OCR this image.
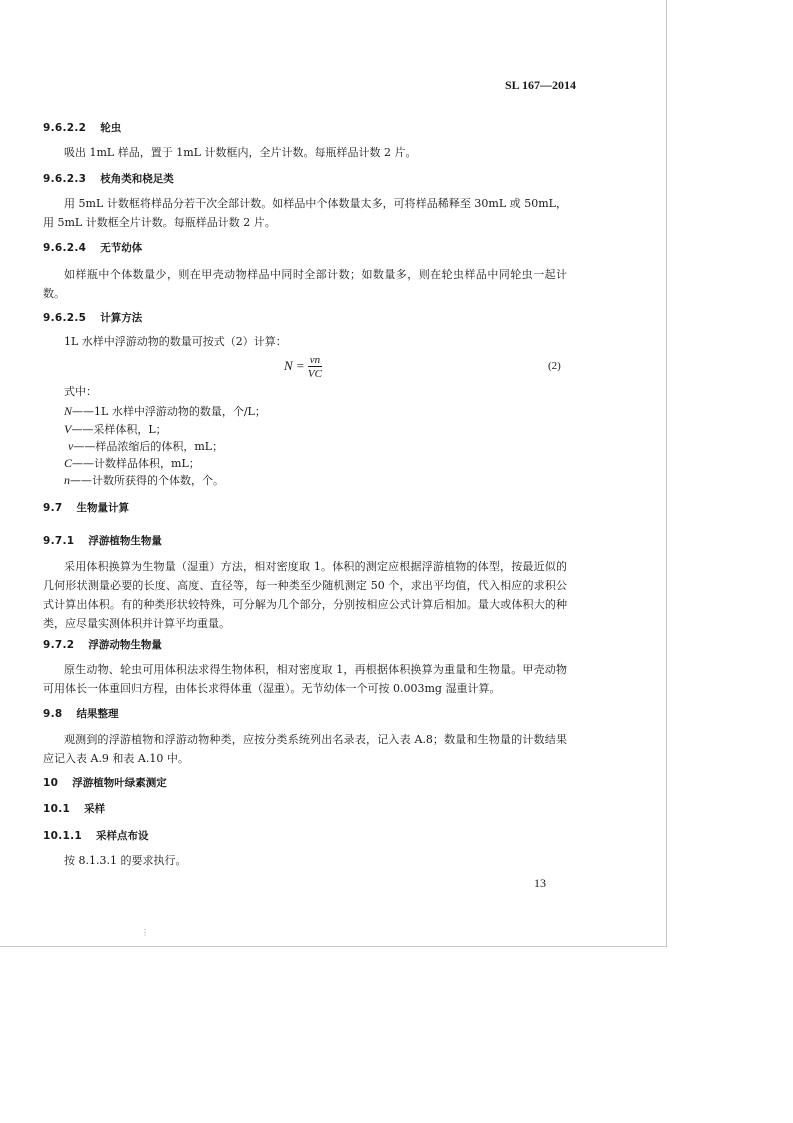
SL 167—2014
9.6.2.2 轮虫
吸出 1mL 样品，置于 1mL 计数框内，全片计数。每瓶样品计数 2 片。
9.6.2.3 枝角类和桡足类
用 5mL 计数框将样品分若干次全部计数。如样品中个体数量太多，可将样品稀释至 30mL 或 50mL，用 5mL 计数框全片计数。每瓶样品计数 2 片。
9.6.2.4 无节幼体
如样瓶中个体数量少，则在甲壳动物样品中同时全部计数；如数量多，则在轮虫样品中同轮虫一起计数。
9.6.2.5 计算方法
1L 水样中浮游动物的数量可按式（2）计算：
$N = \frac{vn}{VC}$	(2)
式中：
N——1L 水样中浮游动物的数量，个/L；
V——采样体积，L；
v——样品浓缩后的体积，mL；
C——计数样品体积，mL；
n——计数所获得的个体数，个。
9.7 生物量计算
9.7.1 浮游植物生物量
采用体积换算为生物量（湿重）方法，相对密度取 1。体积的测定应根据浮游植物的体型，按最近似的几何形状测量必要的长度、高度、直径等，每一种类至少随机测定 50 个，求出平均值，代入相应的求积公式计算出体积。有的种类形状较特殊，可分解为几个部分，分别按相应公式计算后相加。量大或体积大的种类，应尽量实测体积并计算平均重量。
9.7.2 浮游动物生物量
原生动物、轮虫可用体积法求得生物体积，相对密度取 1，再根据体积换算为重量和生物量。甲壳动物可用体长一体重回归方程，由体长求得体重（湿重）。无节幼体一个可按 0.003mg 湿重计算。
9.8 结果整理
观测到的浮游植物和浮游动物种类，应按分类系统列出名录表，记入表 A.8；数量和生物量的计数结果应记入表 A.9 和表 A.10 中。
10 浮游植物叶绿素测定
10.1 采样
10.1.1 采样点布设
按 8.1.3.1 的要求执行。
13
⋮
